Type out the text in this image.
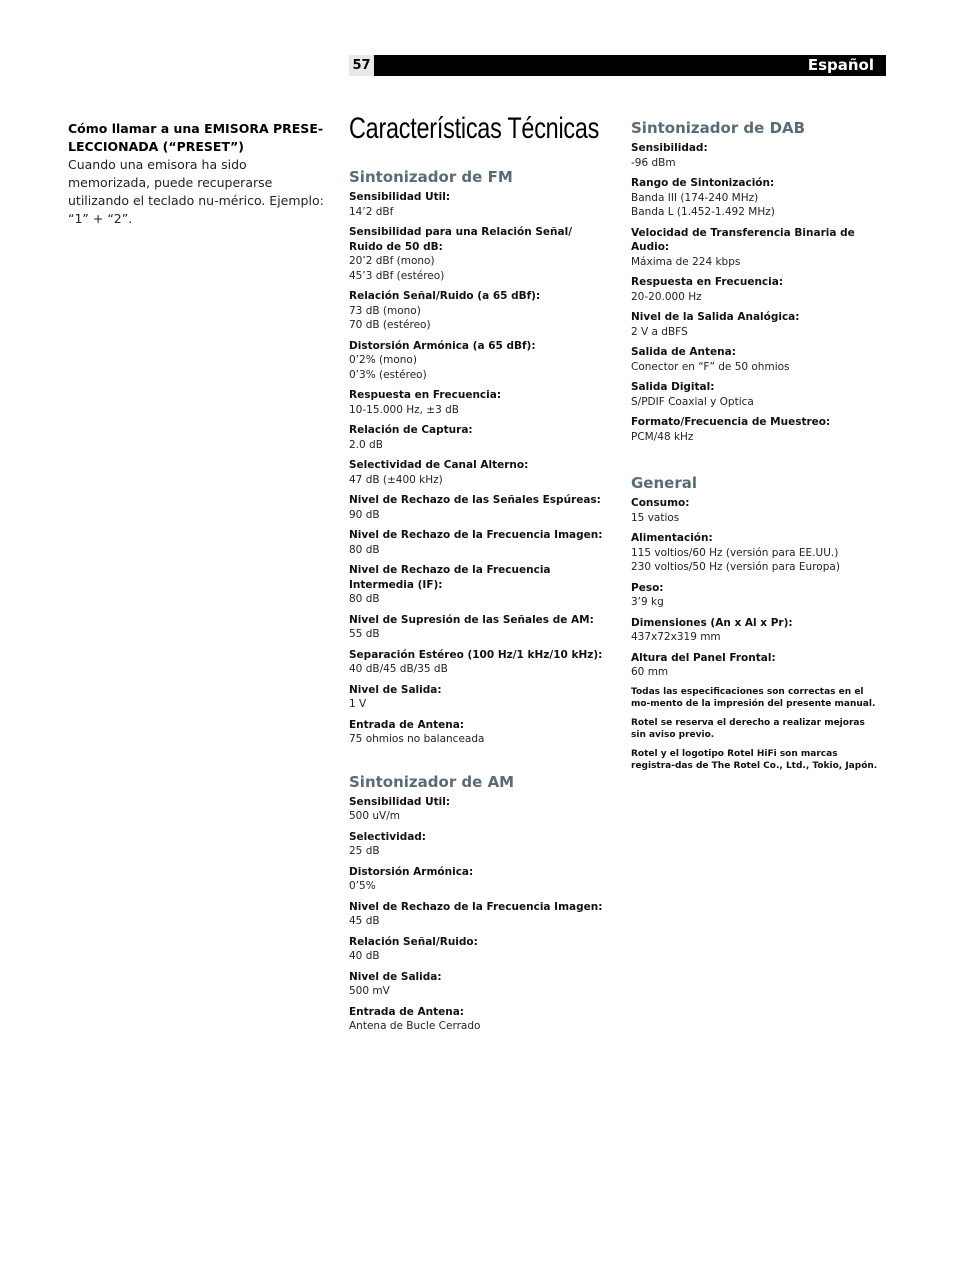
57	Español
Cómo llamar a una EMISORA PRESE-LECCIONADA (“PRESET”)
Cuando una emisora ha sido memorizada, puede recuperarse utilizando el teclado nu-mérico. Ejemplo: “1” + “2”.
Características Técnicas
Sintonizador de FM
Sensibilidad Util:
14’2 dBf
Sensibilidad para una Relación Señal/ Ruido de 50 dB:
20’2 dBf (mono)
45’3 dBf (estéreo)
Relación Señal/Ruido (a 65 dBf):
73 dB (mono)
70 dB (estéreo)
Distorsión Armónica (a 65 dBf):
0’2% (mono)
0’3% (estéreo)
Respuesta en Frecuencia:
10-15.000 Hz, ±3 dB
Relación de Captura:
2.0 dB
Selectividad de Canal Alterno:
47 dB (±400 kHz)
Nivel de Rechazo de las Señales Espúreas:
90 dB
Nivel de Rechazo de la Frecuencia Imagen:
80 dB
Nivel de Rechazo de la Frecuencia Intermedia (IF):
80 dB
Nivel de Supresión de las Señales de AM:
55 dB
Separación Estéreo (100 Hz/1 kHz/10 kHz):
40 dB/45 dB/35 dB
Nivel de Salida:
1 V
Entrada de Antena:
75 ohmios no balanceada
Sintonizador de AM
Sensibilidad Util:
500 uV/m
Selectividad:
25 dB
Distorsión Armónica:
0’5%
Nivel de Rechazo de la Frecuencia Imagen:
45 dB
Relación Señal/Ruido:
40 dB
Nivel de Salida:
500 mV
Entrada de Antena:
Antena de Bucle Cerrado
Sintonizador de DAB
Sensibilidad:
-96 dBm
Rango de Sintonización:
Banda III (174-240 MHz)
Banda L (1.452-1.492 MHz)
Velocidad de Transferencia Binaria de Audio:
Máxima de 224 kbps
Respuesta en Frecuencia:
20-20.000 Hz
Nivel de la Salida Analógica:
2 V a dBFS
Salida de Antena:
Conector en “F” de 50 ohmios
Salida Digital:
S/PDIF Coaxial y Optica
Formato/Frecuencia de Muestreo:
PCM/48 kHz
General
Consumo:
15 vatios
Alimentación:
115 voltios/60 Hz (versión para EE.UU.)
230 voltios/50 Hz (versión para Europa)
Peso:
3’9 kg
Dimensiones (An x Al x Pr):
437x72x319 mm
Altura del Panel Frontal:
60 mm
Todas las especificaciones son correctas en el mo-mento de la impresión del presente manual.
Rotel se reserva el derecho a realizar mejoras sin aviso previo.
Rotel y el logotipo Rotel HiFi son marcas registra-das de The Rotel Co., Ltd., Tokio, Japón.
